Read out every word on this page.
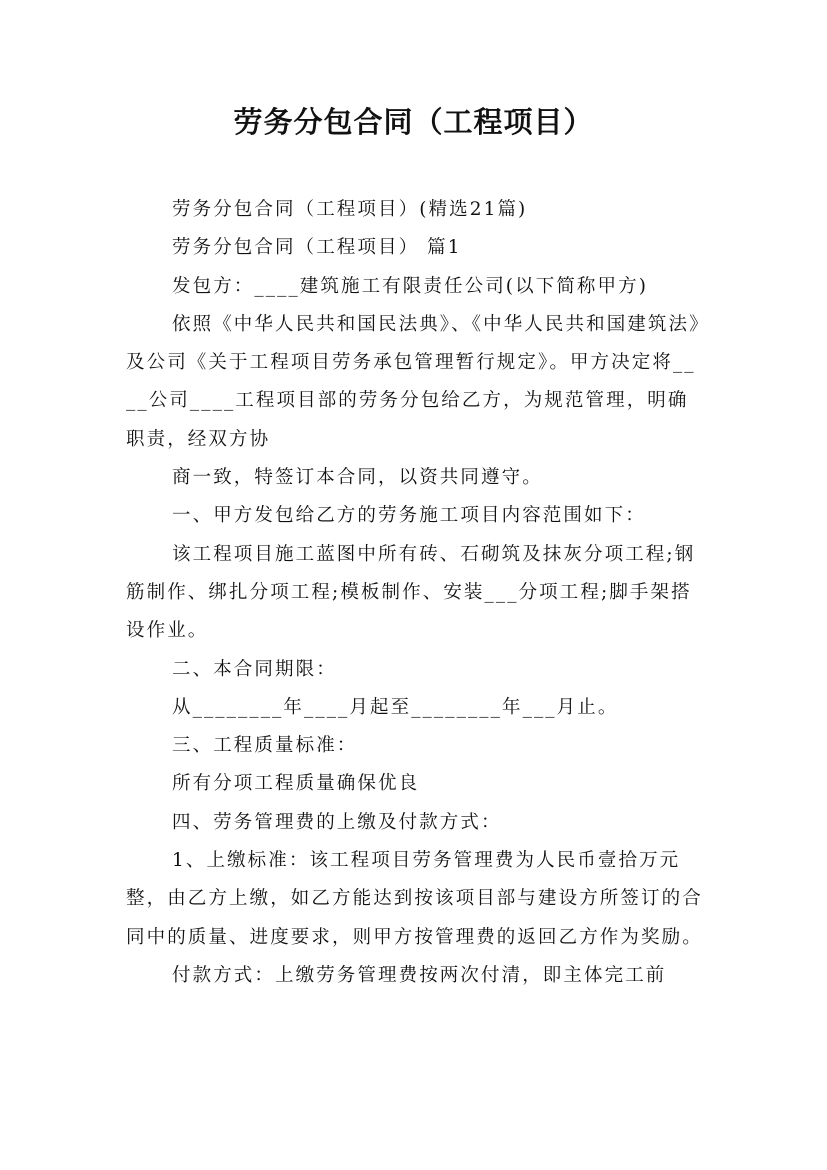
劳务分包合同（工程项目）

劳务分包合同（工程项目）(精选21篇)

劳务分包合同（工程项目） 篇1

发包方：____建筑施工有限责任公司(以下简称甲方)

依照《中华人民共和国民法典》、《中华人民共和国建筑法》及公司《关于工程项目劳务承包管理暂行规定》。甲方决定将____公司____工程项目部的劳务分包给乙方，为规范管理，明确职责，经双方协

商一致，特签订本合同，以资共同遵守。

一、甲方发包给乙方的劳务施工项目内容范围如下：

该工程项目施工蓝图中所有砖、石砌筑及抹灰分项工程;钢筋制作、绑扎分项工程;模板制作、安装___分项工程;脚手架搭设作业。

二、本合同期限：

从________年____月起至________年___月止。

三、工程质量标准：

所有分项工程质量确保优良

四、劳务管理费的上缴及付款方式：

1、上缴标准：该工程项目劳务管理费为人民币壹拾万元整，由乙方上缴，如乙方能达到按该项目部与建设方所签订的合同中的质量、进度要求，则甲方按管理费的返回乙方作为奖励。

付款方式：上缴劳务管理费按两次付清，即主体完工前
